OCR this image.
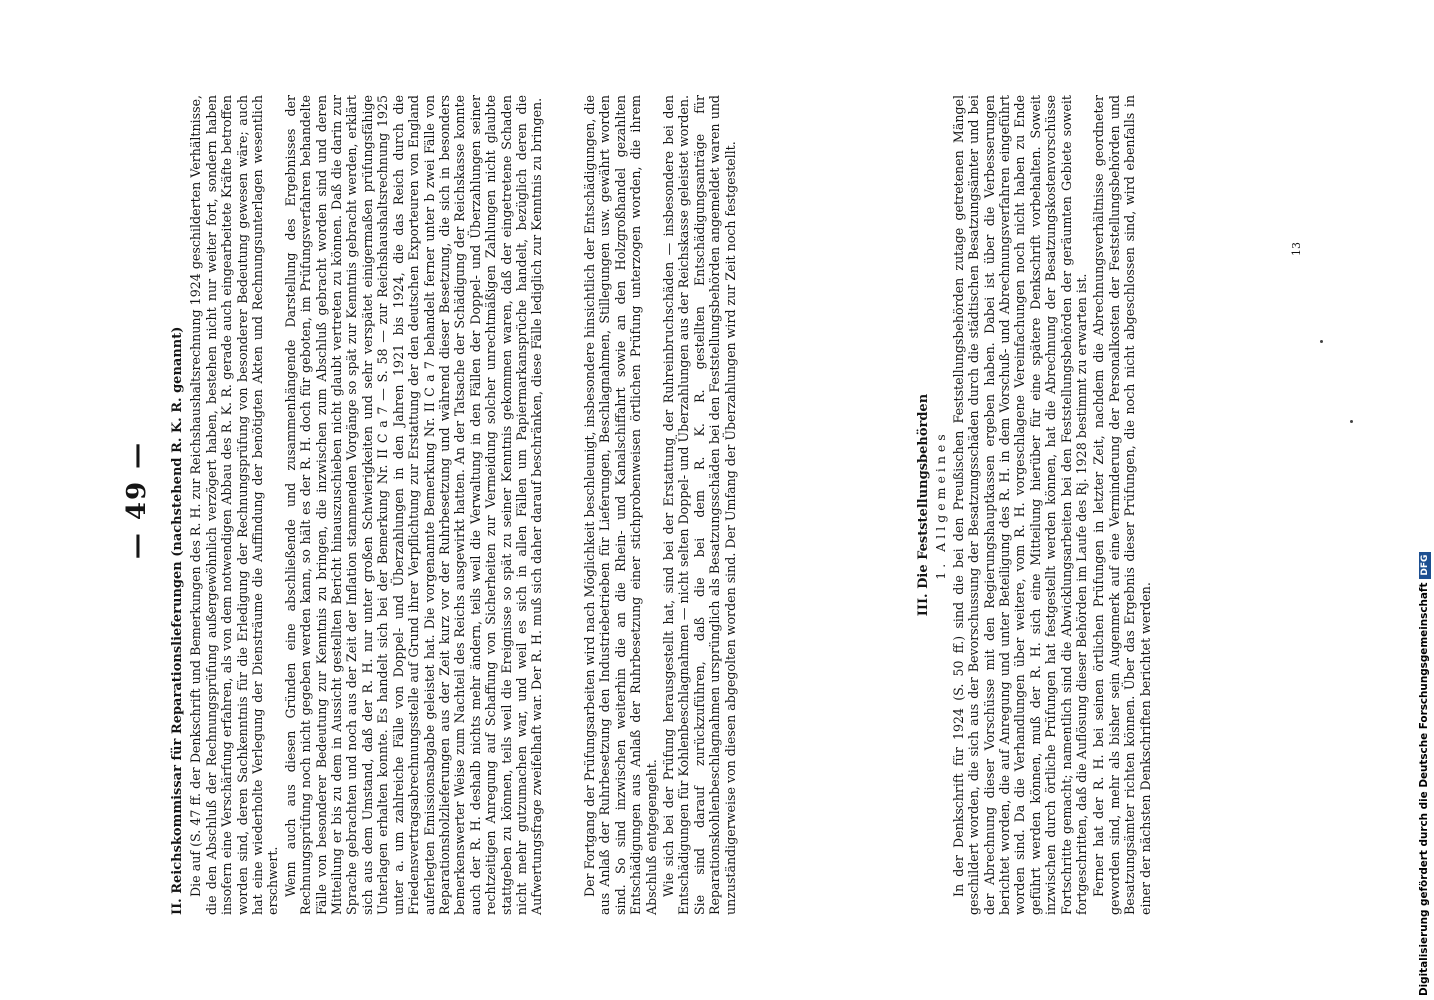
— 49 — II. Reichskommissar für Reparationslieferungen (nachstehend R. K. R. genannt) Die auf (S. 47 ff. der Denkschrift und Bemerkungen des R. H. zur Reichshaushaltsrechnung 1924 geschilderten Verhältnisse, die den Abschluß der Rechnungsprüfung außergewöhnlich verzögert haben, bestehen nicht nur weiter fort, sondern haben insofern eine Verschärfung erfahren, als von dem notwendigen Abbau des R. K. R. gerade auch eingearbeitete Kräfte betroffen worden sind, deren Sachkenntnis für die Erledigung der Rechnungsprüfung von besonderer Bedeutung gewesen wäre; auch hat eine wiederholte Verlegung der Diensträume die Auffindung der benötigten Akten und Rechnungsunterlagen wesentlich erschwert. Wenn auch aus diesen Gründen eine abschließende und zusammenhängende Darstellung des Ergebnisses der Rechnungsprüfung noch nicht gegeben werden kann, so hält es der R. H. doch für geboten, im Prüfungsverfahren behandelte Fälle von besonderer Bedeutung zur Kenntnis zu bringen, die inzwischen zum Abschluß gebracht worden sind und deren Mitteilung er bis zu dem in Aussicht gestellten Bericht hinauszuschieben nicht glaubt vertreten zu können. Daß die darin zur Sprache gebrachten und noch aus der Zeit der Inflation stammenden Vorgänge so spät zur Kenntnis gebracht werden, erklärt sich aus dem Umstand, daß der R. H. nur unter großen Schwierigkeiten und sehr verspätet einigermaßen prüfungsfähige Unterlagen erhalten konnte. Es handelt sich bei der Bemerkung Nr. II C a 7 — S. 58 — zur Reichshaushaltsrechnung 1925 unter a. um zahlreiche Fälle von Doppel- und Überzahlungen in den Jahren 1921 bis 1924, die das Reich durch die Friedensvertragsabrechnungsstelle auf Grund ihrer Verpflichtung zur Erstattung der den deutschen Exporteuren von England auferlegten Emissionsabgabe geleistet hat. Die vorgenannte Bemerkung Nr. II C a 7 behandelt ferner unter b zwei Fälle von Reparationsholzlieferungen aus der Zeit kurz vor der Ruhrbesetzung und während dieser Besetzung, die sich in besonders bemerkenswerter Weise zum Nachteil des Reichs ausgewirkt hatten. An der Tatsache der Schädigung der Reichskasse konnte auch der R. H. deshalb nichts mehr ändern, teils weil die Verwaltung in den Fällen der Doppel- und Überzahlungen seiner rechtzeitigen Anregung auf Schaffung von Sicherheiten zur Vermeidung solcher unrechtmäßigen Zahlungen nicht glaubte stattgeben zu können, teils weil die Ereignisse so spät zu seiner Kenntnis gekommen waren, daß der eingetretene Schaden nicht mehr gutzumachen war, und weil es sich in allen Fällen um Papiermarkansprüche handelt, bezüglich deren die Aufwertungsfrage zweifelhaft war. Der R. H. muß sich daher darauf beschränken, diese Fälle lediglich zur Kenntnis zu bringen.	Der Fortgang der Prüfungsarbeiten wird nach Möglichkeit beschleunigt, insbesondere hinsichtlich der Entschädigungen, die aus Anlaß der Ruhrbesetzung den Industriebetrieben für Lieferungen, Beschlagnahmen, Stillegungen usw. gewährt worden sind. So sind inzwischen weiterhin die an die Rhein- und Kanalschiffahrt sowie an den Holzgroßhandel gezahlten Entschädigungen aus Anlaß der Ruhrbesetzung einer stichprobenweisen örtlichen Prüfung unterzogen worden, die ihrem Abschluß entgegengeht. Wie sich bei der Prüfung herausgestellt hat, sind bei der Erstattung der Ruhreinbruchschäden — insbesondere bei den Entschädigungen für Kohlenbeschlagnahmen — nicht selten Doppel- und Überzahlungen aus der Reichskasse geleistet worden. Sie sind darauf zurückzuführen, daß die bei dem R. K. R. gestellten Entschädigungsanträge für Reparationskohlenbeschlagnahmen ursprünglich als Besatzungsschäden bei den Feststellungsbehörden angemeldet waren und unzuständigerweise von diesen abgegolten worden sind. Der Umfang der Überzahlungen wird zur Zeit noch festgestellt.	III. Die Feststellungsbehörden 1. Allgemeines In der Denkschrift für 1924 (S. 50 ff.) sind die bei den Preußischen Feststellungsbehörden zutage getretenen Mängel geschildert worden, die sich aus der Bevorschussung der Besatzungsschäden durch die städtischen Besatzungsämter und bei der Abrechnung dieser Vorschüsse mit den Regierungshauptkassen ergeben haben. Dabei ist über die Verbesserungen berichtet worden, die auf Anregung und unter Beteiligung des R. H. in dem Vorschuß- und Abrechnungsverfahren eingeführt worden sind. Da die Verhandlungen über weitere, vom R. H. vorgeschlagene Vereinfachungen noch nicht haben zu Ende geführt werden können, muß der R. H. sich eine Mitteilung hierüber für eine spätere Denkschrift vorbehalten. Soweit inzwischen durch örtliche Prüfungen hat festgestellt werden können, hat die Abrechnung der Besatzungskostenvorschüsse Fortschritte gemacht; namentlich sind die Abwicklungsarbeiten bei den Feststellungsbehörden der geräumten Gebiete soweit fortgeschritten, daß die Auflösung dieser Behörden im Laufe des Rj. 1928 bestimmt zu erwarten ist. Ferner hat der R. H. bei seinen örtlichen Prüfungen in letzter Zeit, nachdem die Abrechnungsverhältnisse geordneter geworden sind, mehr als bisher sein Augenmerk auf eine Verminderung der Personalkosten der Feststellungsbehörden und Besatzungsämter richten können. Über das Ergebnis dieser Prüfungen, die noch nicht abgeschlossen sind, wird ebenfalls in einer der nächsten Denkschriften berichtet werden.

13
Digitalisierung gefördert durch die Deutsche ForschungsgemeinschaftDFG
